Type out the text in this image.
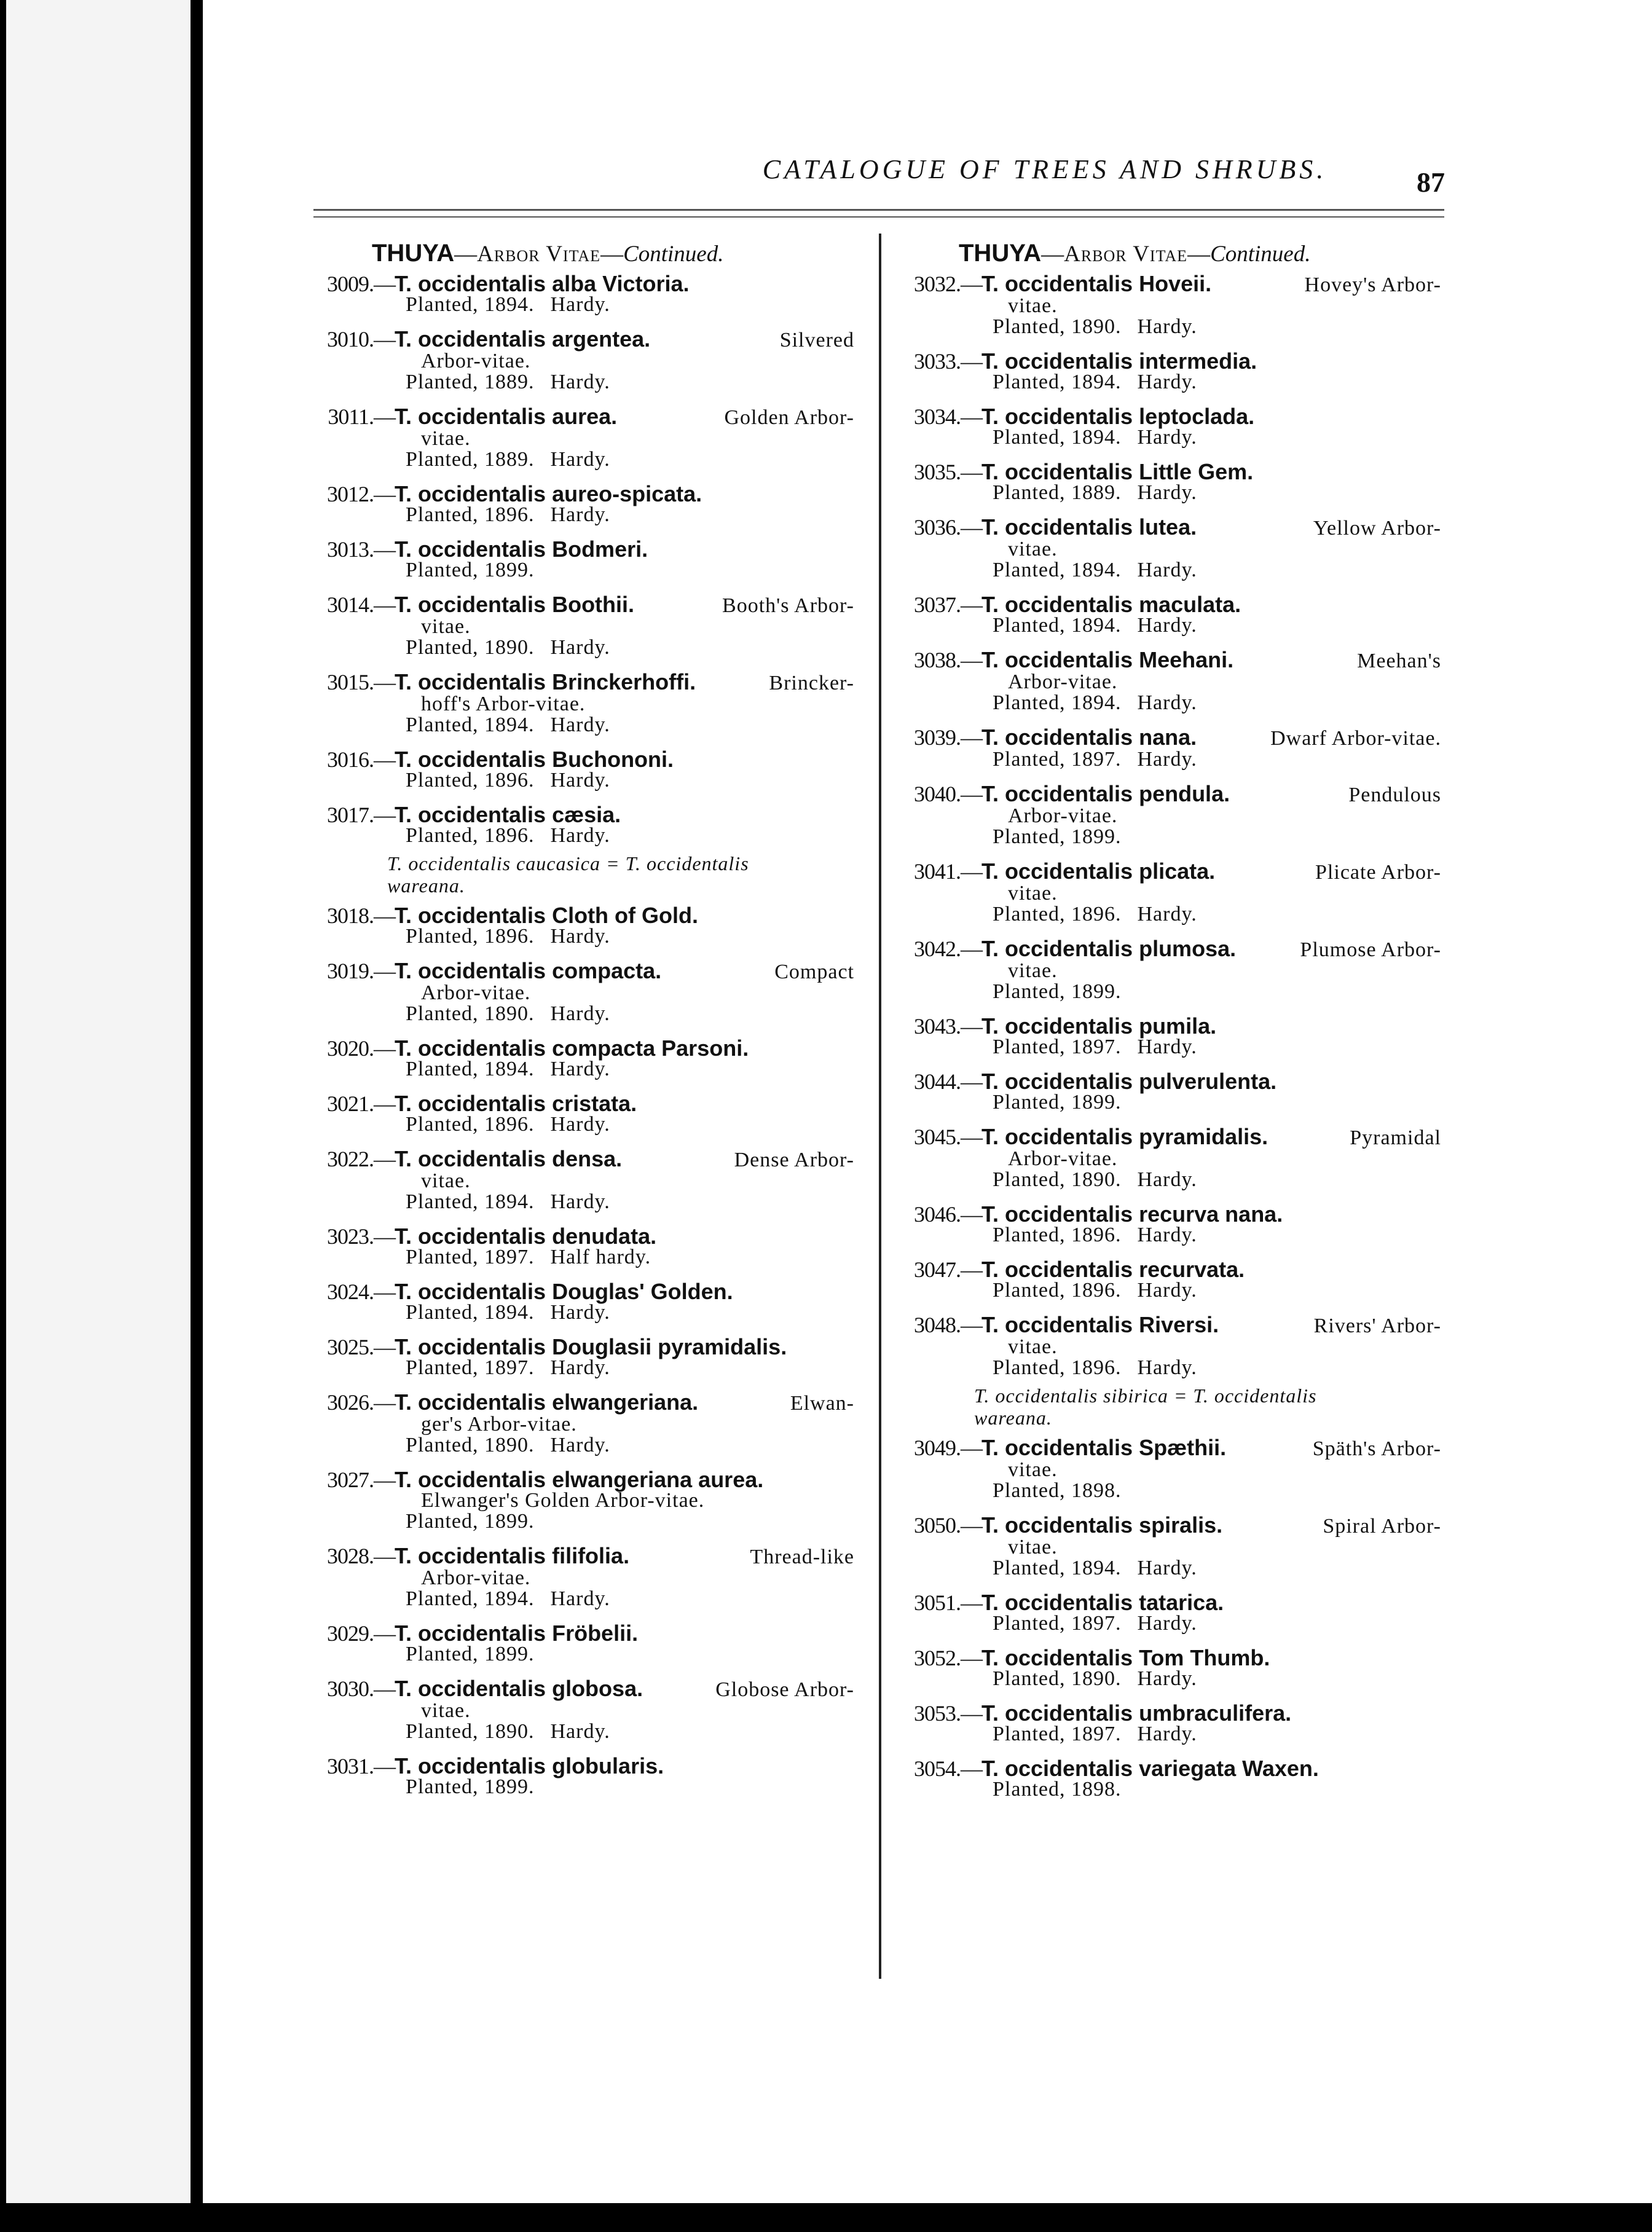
CATALOGUE OF TREES AND SHRUBS.	87
THUYA—Arbor Vitae—Continued.
3009. —
T. occidentalis alba Victoria.
Planted, 1894. Hardy.
3010. —
T. occidentalis argentea.	Silvered
Arbor-vitae.
Planted, 1889. Hardy.
3011. —
T. occidentalis aurea.	Golden Arbor-
vitae.
Planted, 1889. Hardy.
3012. —
T. occidentalis aureo-spicata.
Planted, 1896. Hardy.
3013. —
T. occidentalis Bodmeri.
Planted, 1899.
3014. —
T. occidentalis Boothii.	Booth's Arbor-
vitae.
Planted, 1890. Hardy.
3015. —
T. occidentalis Brinckerhoffi.	Brincker-
hoff's Arbor-vitae.
Planted, 1894. Hardy.
3016. —
T. occidentalis Buchononi.
Planted, 1896. Hardy.
3017. —
T. occidentalis cæsia.
Planted, 1896. Hardy.
T. occidentalis caucasica = T. occidentalis
wareana.
3018. —
T. occidentalis Cloth of Gold.
Planted, 1896. Hardy.
3019. —
T. occidentalis compacta.	Compact
Arbor-vitae.
Planted, 1890. Hardy.
3020. —
T. occidentalis compacta Parsoni.
Planted, 1894. Hardy.
3021. —
T. occidentalis cristata.
Planted, 1896. Hardy.
3022. —
T. occidentalis densa.	Dense Arbor-
vitae.
Planted, 1894. Hardy.
3023. —
T. occidentalis denudata.
Planted, 1897. Half hardy.
3024. —
T. occidentalis Douglas' Golden.
Planted, 1894. Hardy.
3025. —
T. occidentalis Douglasii pyramidalis.
Planted, 1897. Hardy.
3026. —
T. occidentalis elwangeriana.	Elwan-
ger's Arbor-vitae.
Planted, 1890. Hardy.
3027. —
T. occidentalis elwangeriana aurea.
Elwanger's Golden Arbor-vitae.
Planted, 1899.
3028. —
T. occidentalis filifolia.	Thread-like
Arbor-vitae.
Planted, 1894. Hardy.
3029. —
T. occidentalis Fröbelii.
Planted, 1899.
3030. —
T. occidentalis globosa.	Globose Arbor-
vitae.
Planted, 1890. Hardy.
3031. —
T. occidentalis globularis.
Planted, 1899.
THUYA—Arbor Vitae—Continued.
3032. —
T. occidentalis Hoveii.	Hovey's Arbor-
vitae.
Planted, 1890. Hardy.
3033. —
T. occidentalis intermedia.
Planted, 1894. Hardy.
3034. —
T. occidentalis leptoclada.
Planted, 1894. Hardy.
3035. —
T. occidentalis Little Gem.
Planted, 1889. Hardy.
3036. —
T. occidentalis lutea.	Yellow Arbor-
vitae.
Planted, 1894. Hardy.
3037. —
T. occidentalis maculata.
Planted, 1894. Hardy.
3038. —
T. occidentalis Meehani.	Meehan's
Arbor-vitae.
Planted, 1894. Hardy.
3039. —
T. occidentalis nana.	Dwarf Arbor-vitae.
Planted, 1897. Hardy.
3040. —
T. occidentalis pendula.	Pendulous
Arbor-vitae.
Planted, 1899.
3041. —
T. occidentalis plicata.	Plicate Arbor-
vitae.
Planted, 1896. Hardy.
3042. —
T. occidentalis plumosa.	Plumose Arbor-
vitae.
Planted, 1899.
3043. —
T. occidentalis pumila.
Planted, 1897. Hardy.
3044. —
T. occidentalis pulverulenta.
Planted, 1899.
3045. —
T. occidentalis pyramidalis.	Pyramidal
Arbor-vitae.
Planted, 1890. Hardy.
3046. —
T. occidentalis recurva nana.
Planted, 1896. Hardy.
3047. —
T. occidentalis recurvata.
Planted, 1896. Hardy.
3048. —
T. occidentalis Riversi.	Rivers' Arbor-
vitae.
Planted, 1896. Hardy.
T. occidentalis sibirica = T. occidentalis
wareana.
3049. —
T. occidentalis Spæthii.	Späth's Arbor-
vitae.
Planted, 1898.
3050. —
T. occidentalis spiralis.	Spiral Arbor-
vitae.
Planted, 1894. Hardy.
3051. —
T. occidentalis tatarica.
Planted, 1897. Hardy.
3052. —
T. occidentalis Tom Thumb.
Planted, 1890. Hardy.
3053. —
T. occidentalis umbraculifera.
Planted, 1897. Hardy.
3054. —
T. occidentalis variegata Waxen.
Planted, 1898.
